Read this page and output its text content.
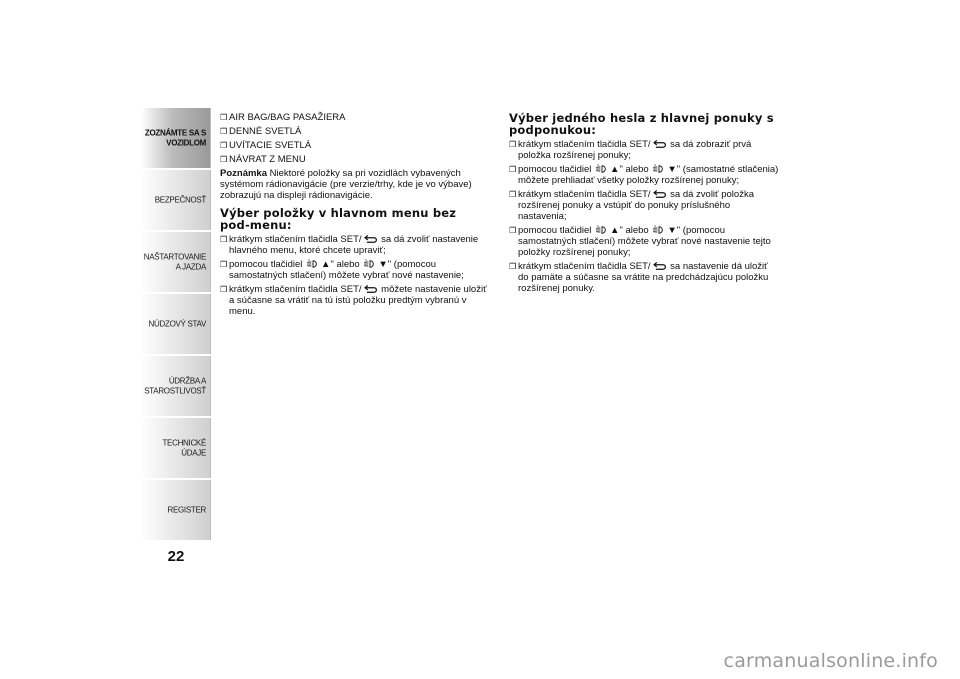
ZOZNÁMTE SA S VOZIDLOM
BEZPEČNOSŤ
NAŠTARTOVANIE A JAZDA
NÚDZOVÝ STAV
ÚDRŽBA A STAROSTLIVOSŤ
TECHNICKÉ ÚDAJE
REGISTER
22
❒ AIR BAG/BAG PASAŽIERA
❒ DENNÉ SVETLÁ
❒ UVÍTACIE SVETLÁ
❒ NÁVRAT Z MENU

Poznámka Niektoré položky sa pri vozidlách vybavených systémom rádionavigácie (pre verzie/trhy, kde je vo výbave) zobrazujú na displeji rádionavigácie.

Výber položky v hlavnom menu bez pod-menu:
❒ krátkym stlačením tlačidla SET/ sa dá zvoliť nastavenie hlavného menu, ktoré chcete upraviť;
❒ pomocou tlačidiel ▲" alebo ▼" (pomocou samostatných stlačení) môžete vybrať nové nastavenie;
❒ krátkym stlačením tlačidla SET/ môžete nastavenie uložiť a súčasne sa vrátiť na tú istú položku predtým vybranú v menu.
Výber jedného hesla z hlavnej ponuky s podponukou:
❒ krátkym stlačením tlačidla SET/ sa dá zobraziť prvá položka rozšírenej ponuky;
❒ pomocou tlačidiel ▲" alebo ▼" (samostatné stlačenia) môžete prehliadať všetky položky rozšírenej ponuky;
❒ krátkym stlačením tlačidla SET/ sa dá zvoliť položka rozšírenej ponuky a vstúpiť do ponuky príslušného nastavenia;
❒ pomocou tlačidiel ▲" alebo ▼" (pomocou samostatných stlačení) môžete vybrať nové nastavenie tejto položky rozšírenej ponuky;
❒ krátkym stlačením tlačidla SET/ sa nastavenie dá uložiť do pamäte a súčasne sa vrátite na predchádzajúcu položku rozšírenej ponuky.
carmanualsonline.info
